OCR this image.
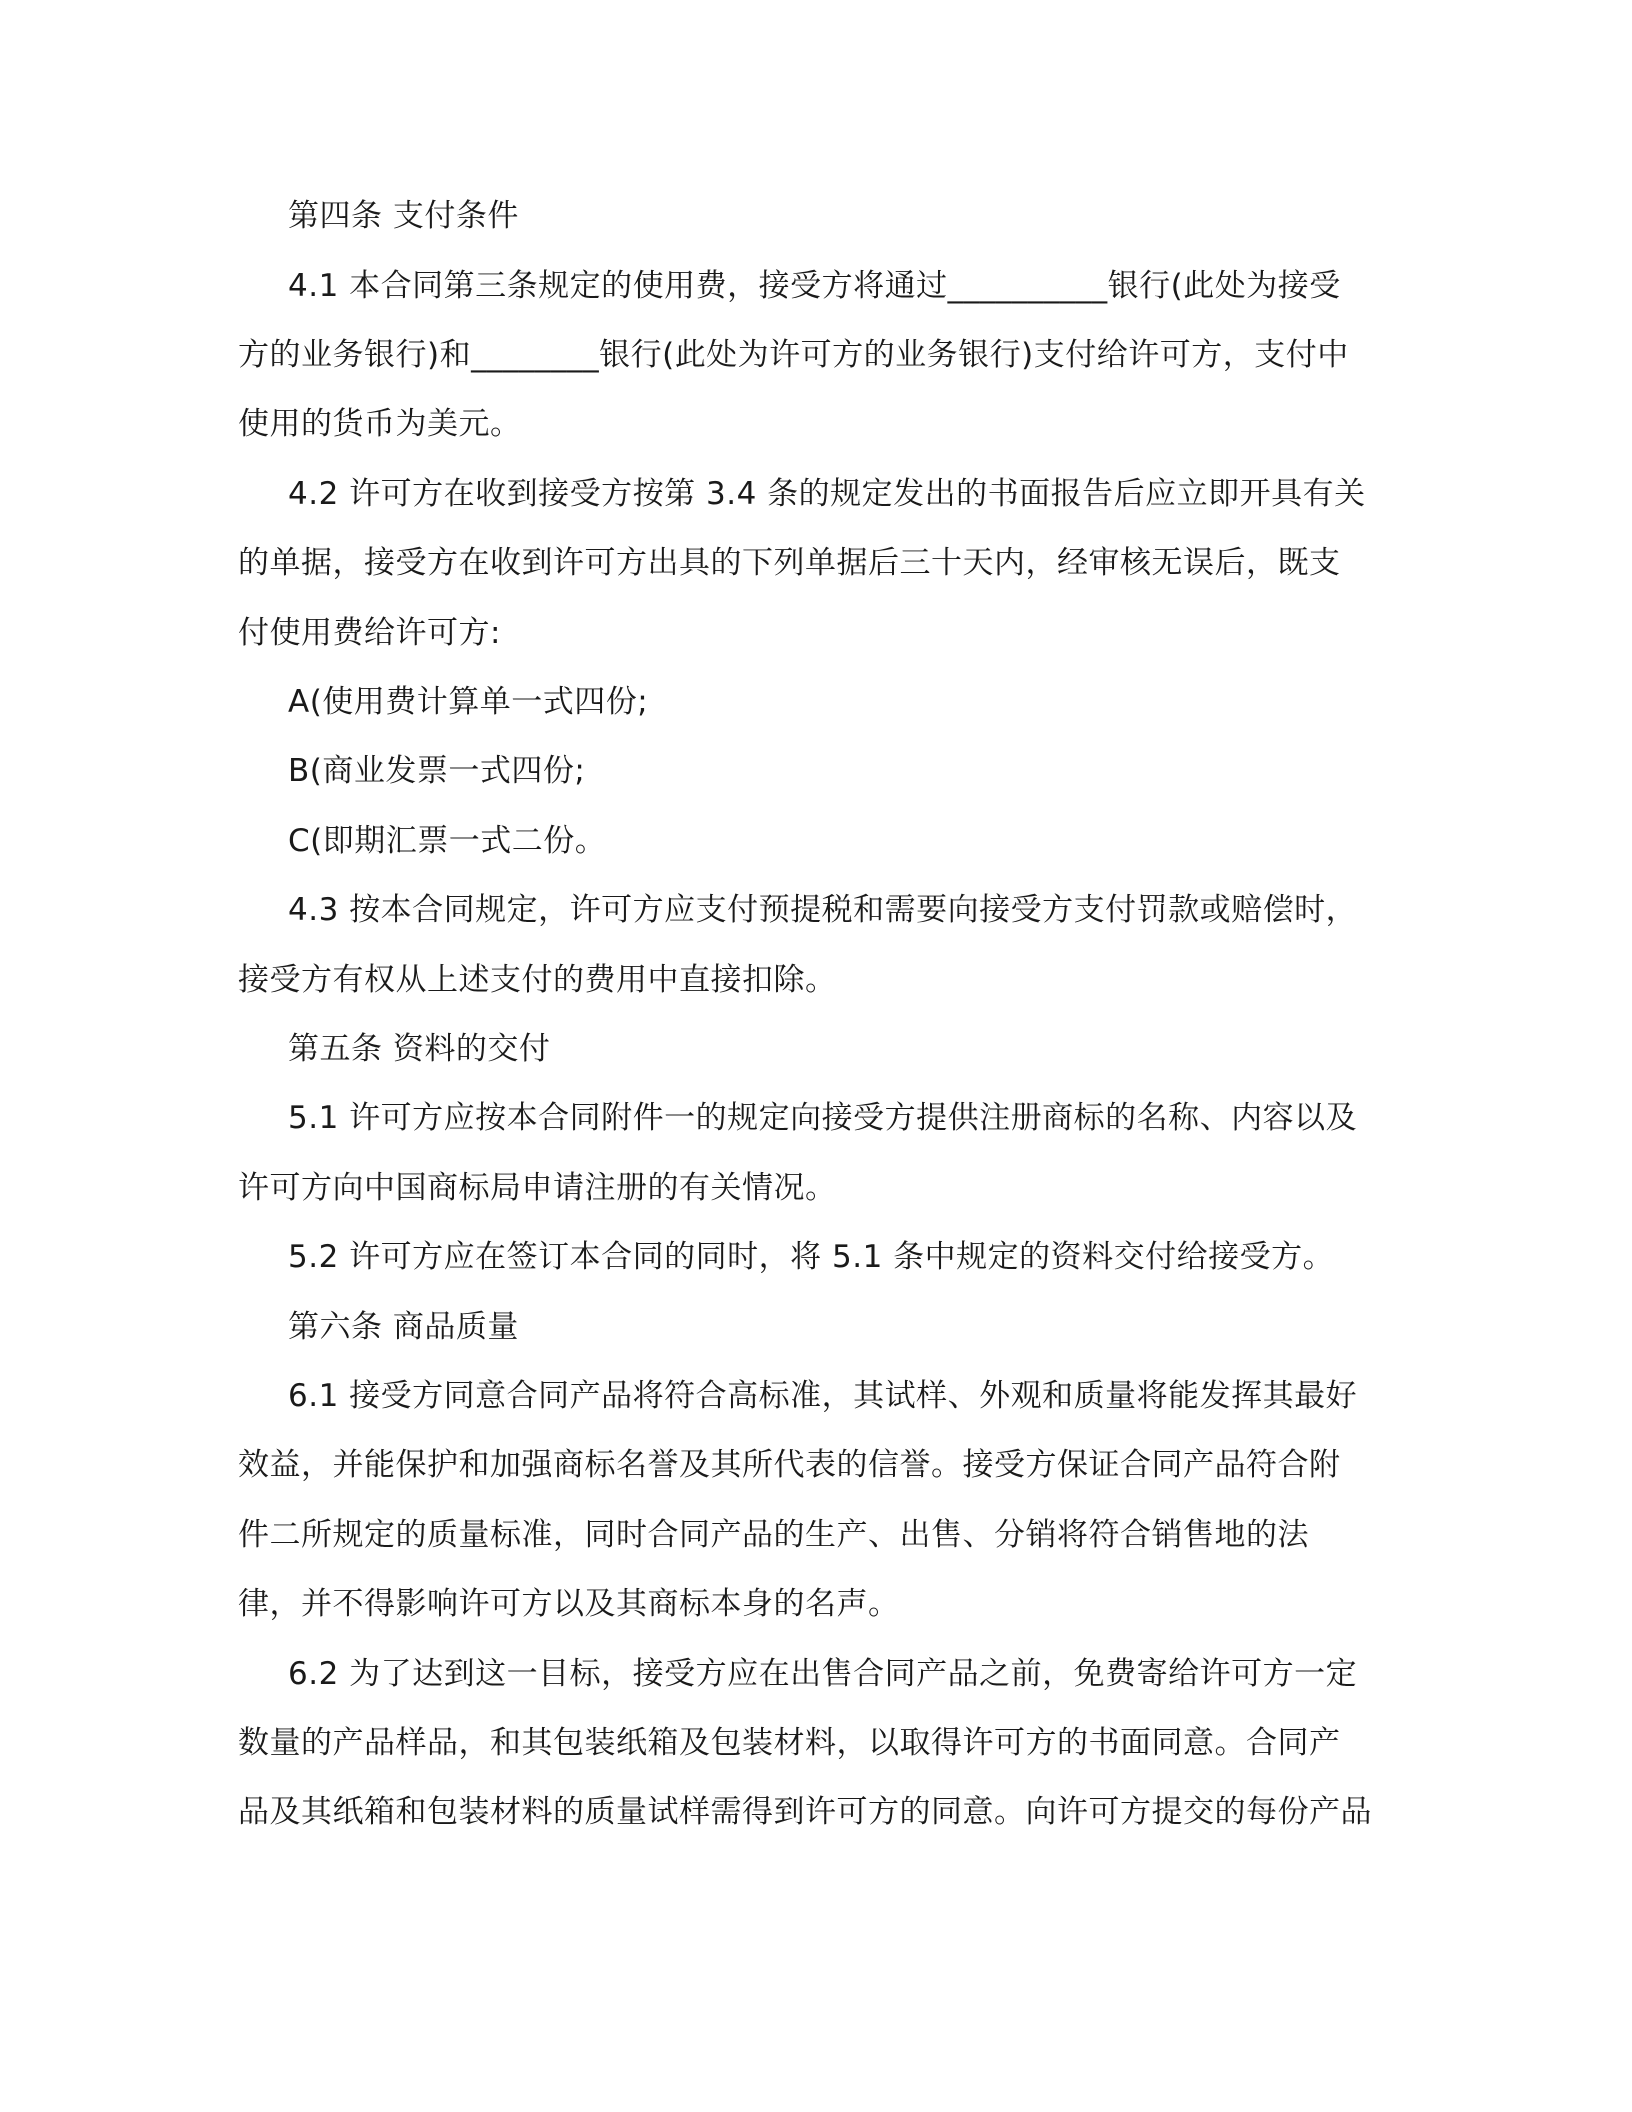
第四条 支付条件
4.1 本合同第三条规定的使用费，接受方将通过__________银行(此处为接受
方的业务银行)和________银行(此处为许可方的业务银行)支付给许可方，支付中
使用的货币为美元。
4.2 许可方在收到接受方按第 3.4 条的规定发出的书面报告后应立即开具有关
的单据，接受方在收到许可方出具的下列单据后三十天内，经审核无误后，既支
付使用费给许可方:
A(使用费计算单一式四份;
B(商业发票一式四份;
C(即期汇票一式二份。
4.3 按本合同规定，许可方应支付预提税和需要向接受方支付罚款或赔偿时，
接受方有权从上述支付的费用中直接扣除。
第五条 资料的交付
5.1 许可方应按本合同附件一的规定向接受方提供注册商标的名称、内容以及
许可方向中国商标局申请注册的有关情况。
5.2 许可方应在签订本合同的同时，将 5.1 条中规定的资料交付给接受方。
第六条 商品质量
6.1 接受方同意合同产品将符合高标准，其试样、外观和质量将能发挥其最好
效益，并能保护和加强商标名誉及其所代表的信誉。接受方保证合同产品符合附
件二所规定的质量标准，同时合同产品的生产、出售、分销将符合销售地的法
律，并不得影响许可方以及其商标本身的名声。
6.2 为了达到这一目标，接受方应在出售合同产品之前，免费寄给许可方一定
数量的产品样品，和其包装纸箱及包装材料，以取得许可方的书面同意。合同产
品及其纸箱和包装材料的质量试样需得到许可方的同意。向许可方提交的每份产品
